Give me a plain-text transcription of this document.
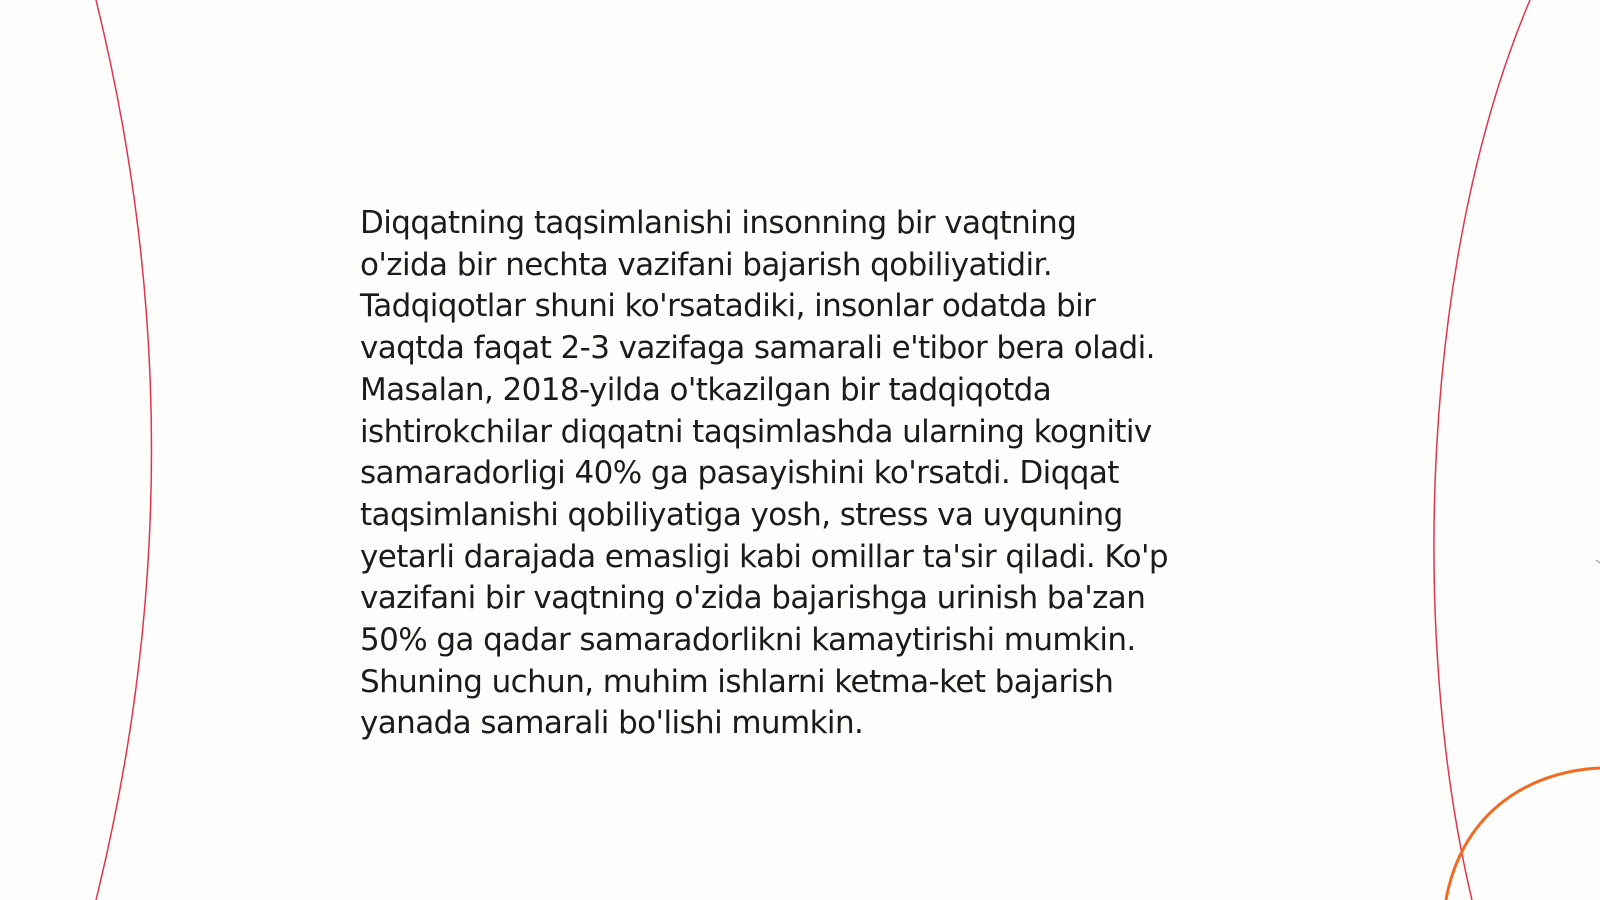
Diqqatning taqsimlanishi insonning bir vaqtning
o'zida bir nechta vazifani bajarish qobiliyatidir.
Tadqiqotlar shuni ko'rsatadiki, insonlar odatda bir
vaqtda faqat 2-3 vazifaga samarali e'tibor bera oladi.
Masalan, 2018-yilda o'tkazilgan bir tadqiqotda
ishtirokchilar diqqatni taqsimlashda ularning kognitiv
samaradorligi 40% ga pasayishini ko'rsatdi. Diqqat
taqsimlanishi qobiliyatiga yosh, stress va uyquning
yetarli darajada emasligi kabi omillar ta'sir qiladi. Ko'p
vazifani bir vaqtning o'zida bajarishga urinish ba'zan
50% ga qadar samaradorlikni kamaytirishi mumkin.
Shuning uchun, muhim ishlarni ketma-ket bajarish
yanada samarali bo'lishi mumkin.
